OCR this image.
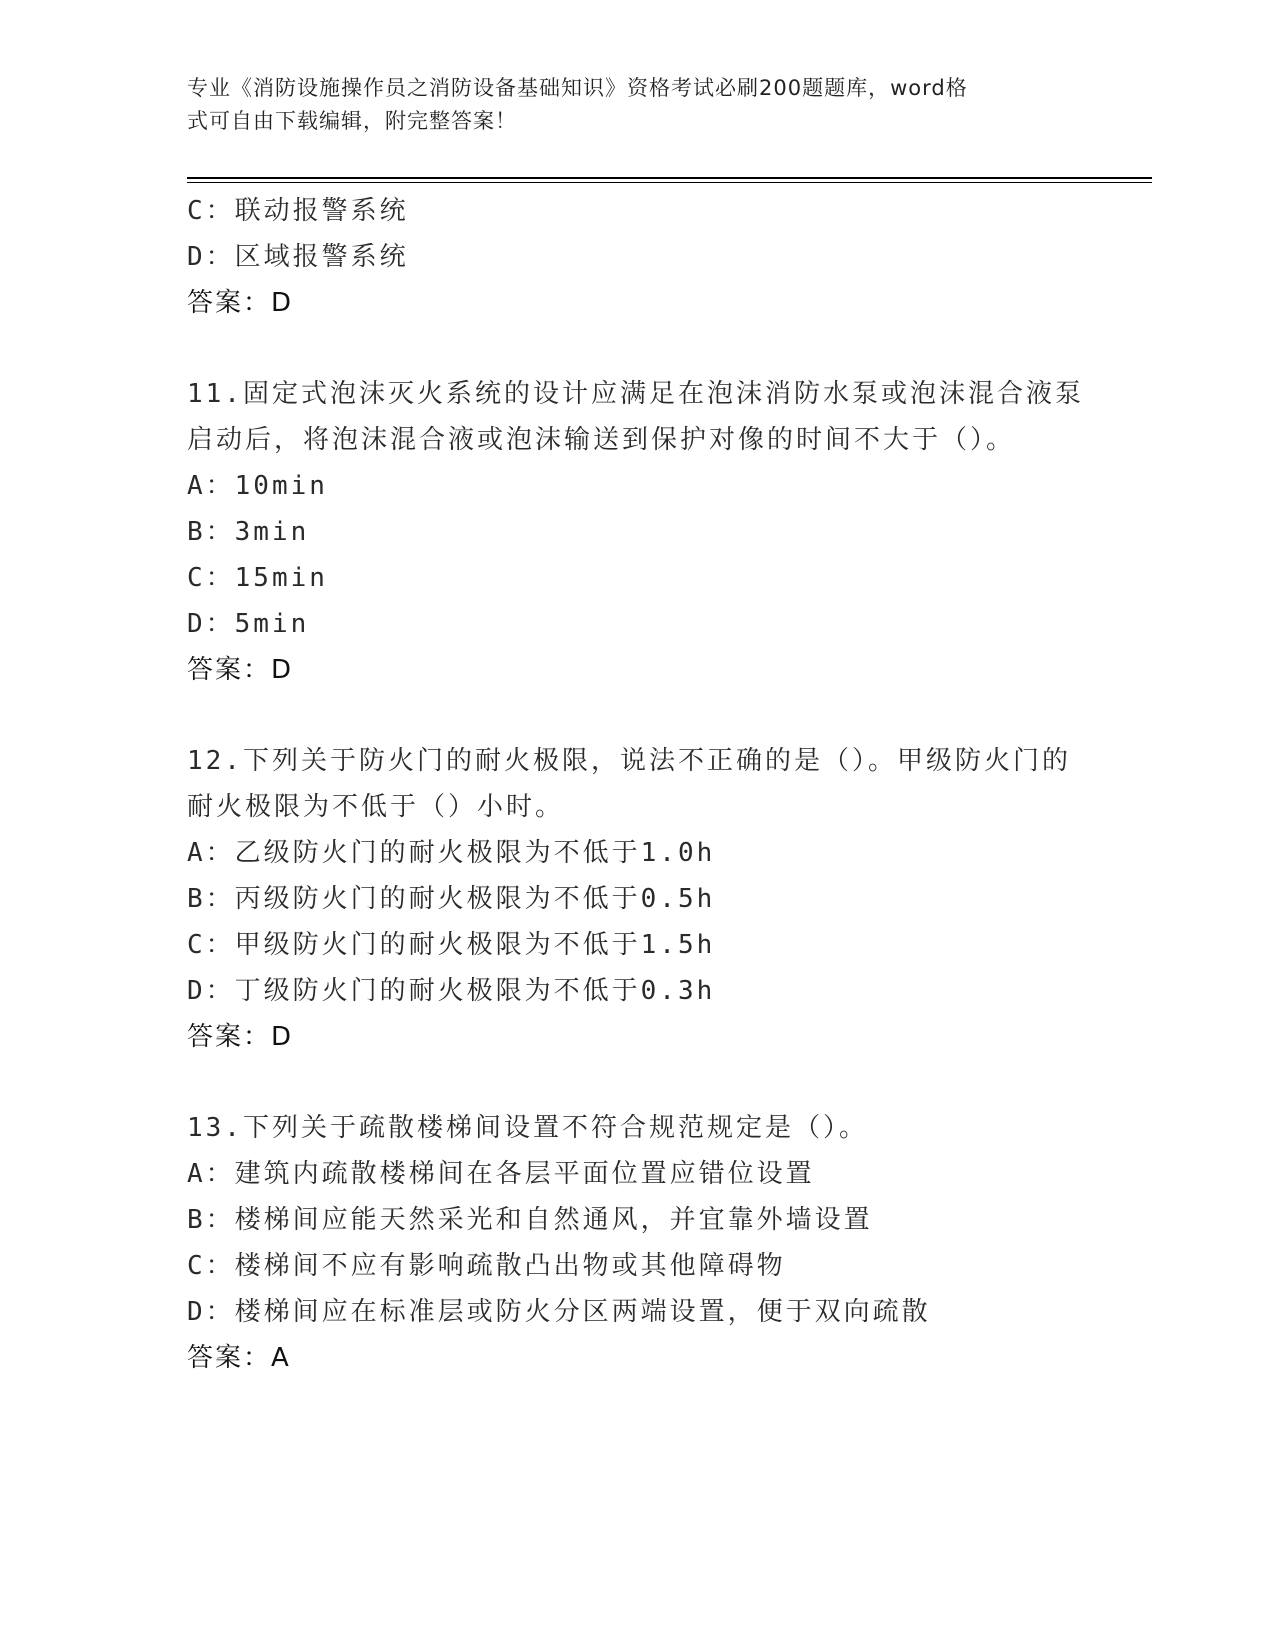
专业《消防设施操作员之消防设备基础知识》资格考试必刷200题题库，word格
式可自由下载编辑，附完整答案！
C：联动报警系统
D：区域报警系统
答案：D
11.固定式泡沫灭火系统的设计应满足在泡沫消防水泵或泡沫混合液泵
启动后，将泡沫混合液或泡沫输送到保护对像的时间不大于（）。
A：10min
B：3min
C：15min
D：5min
答案：D
12.下列关于防火门的耐火极限，说法不正确的是（）。甲级防火门的
耐火极限为不低于（）小时。
A：乙级防火门的耐火极限为不低于1.0h
B：丙级防火门的耐火极限为不低于0.5h
C：甲级防火门的耐火极限为不低于1.5h
D：丁级防火门的耐火极限为不低于0.3h
答案：D
13.下列关于疏散楼梯间设置不符合规范规定是（）。
A：建筑内疏散楼梯间在各层平面位置应错位设置
B：楼梯间应能天然采光和自然通风，并宜靠外墙设置
C：楼梯间不应有影响疏散凸出物或其他障碍物
D：楼梯间应在标准层或防火分区两端设置，便于双向疏散
答案：A
